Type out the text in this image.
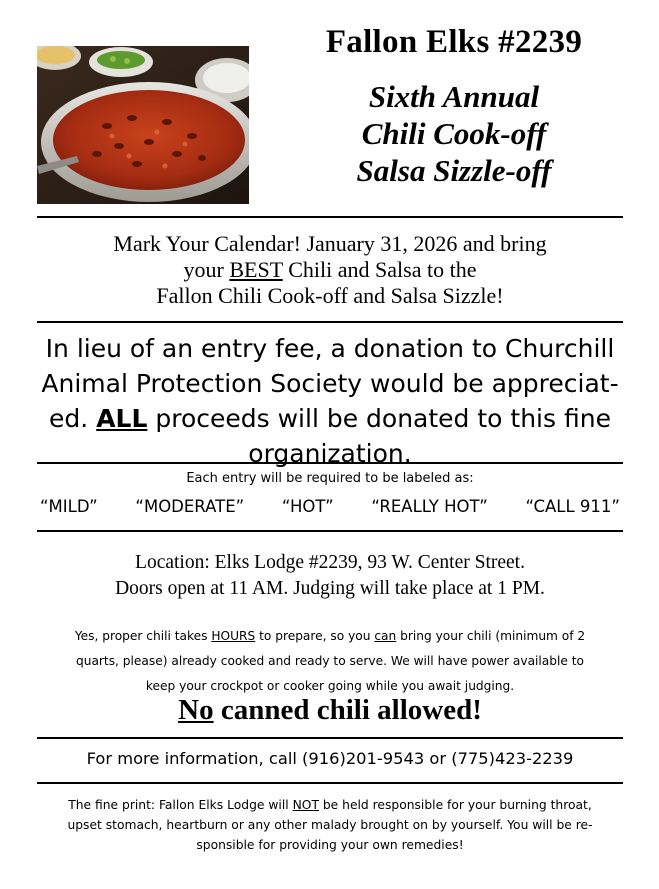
Fallon Elks #2239
Sixth Annual
Chili Cook-off
Salsa Sizzle-off
Mark Your Calendar! January 31, 2026 and bring
your BEST Chili and Salsa to the
Fallon Chili Cook-off and Salsa Sizzle!
In lieu of an entry fee, a donation to Churchill
Animal Protection Society would be appreciat-
ed. ALL proceeds will be donated to this fine
organization.
Each entry will be required to be labeled as:
“MILD” “MODERATE” “HOT” “REALLY HOT” “CALL 911”
Location: Elks Lodge #2239, 93 W. Center Street.
Doors open at 11 AM. Judging will take place at 1 PM.
Yes, proper chili takes HOURS to prepare, so you can bring your chili (minimum of 2
quarts, please) already cooked and ready to serve. We will have power available to
keep your crockpot or cooker going while you await judging.
No canned chili allowed!
For more information, call (916)201-9543 or (775)423-2239
The fine print: Fallon Elks Lodge will NOT be held responsible for your burning throat,
upset stomach, heartburn or any other malady brought on by yourself. You will be re-
sponsible for providing your own remedies!
